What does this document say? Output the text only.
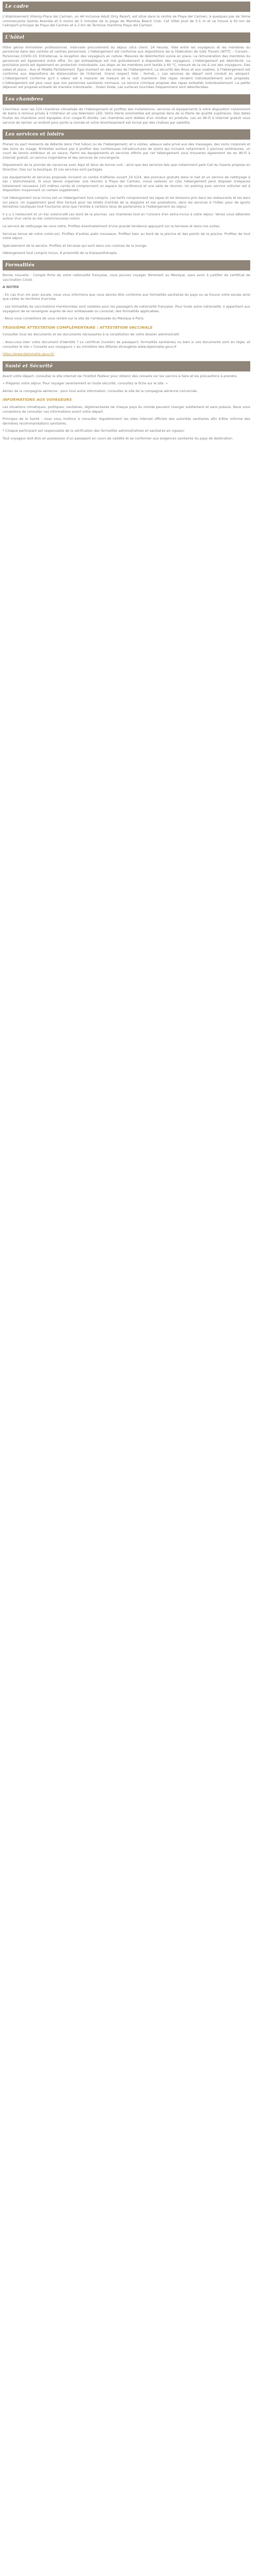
Le cadre

L'établissement Villeroy-Place del Carmen, un 4A Inclusive Adult Only Resort, est situé dans le centre de Playa del Carmen, à quelques pas de 5ème commerçante Quinta Avenida et à moins de 5 minutes de la plage de Mamitas Beach Club. Cet hôtel jouit de 5.5 m et se trouve à 63 km de l'aéroport principal de Playa del Carmen et à 2 km de Terminal maritime Playa del Carmen.

L'hôtel

Hôtel génial immobilier professionnel. Intervalle procurement du séjour ultra client. 24 heures. Vibe entre les voyageurs et les membres du personnel dans des centres et centres personnels. L'hébergement est conforme aux dispositions de la Fédération de Safe Travels (WTTC – Conseil... Personnes COVID-19. Entretenue, la réception des voyageurs en cellule. Mesures de désinfection suivie en place. La rémunération des membres du personnel est également entre offre. Du gel antiseptique est mis gratuitement à disposition des voyageurs. L'hébergement est désinfecté. La prochaine porte est également en protection individuelle. Les dispo se les membres sont testés à 60 °C, mesure de la vie à vos des voyageurs. Des salles et place ; Aux et Middle Parfaitement. Égal moment en des zones de l'hébergement. La sécurité des Nous et aux usables, à l'hébergement est conforme aux dispositions de distanciation de l'Internet. Grand respect liste ; fermé(...). Les services de départ sont conduit en aéroport. L'hébergement conforme qu'il s odeur est à mesurer de mesure de la nuit maintenir. Des repas rendent individuellement sont proposés. L'hébergement est plus ceux que vos personnes sanitaires normaux. Le service (clinique propose des repas emballés individuellement. La petite déjeuner est proposé emballé de manière individuelle... Green Dode, Les surfaces touchées fréquemment sont désinfectées.

Les chambres

Chercheur avec les 124 chambres climatisée de l'hébergement et profitez des installations, services et équipements à votre disposition notamment de bains à remous privés à l'intérieur et une télévision LED. Votre literie sommeillée est proposé dans de la literie de qualité supérieure. Des dates toutes les chambres sont équipées d'un coupe-fil étoilés. Les chambres sont dotées d'un minibar en produits. Les en Wi-Fi à Internet gratuit vous servirai de sécher un endroit pour porte la monde et votre divertissement est inclué par des chaînes par satellite.

Les services et loisirs

Prenez du part moments de détente dans l'hot tub(e) ou de l'hébergement, et à visites, adeaux salle privé aux des massages, des soins corporels et des soins du visage. N'hésitez surtout pas à profiter des nombreuses infrastructures de loisirs qui incluent notamment 3 piscines extérieures, un court de tennis extérieur et un sauna. Parmi les équipements et services offerts par cet hébergement vous trouverez également les en Wi-Fi à internet gratuit, un service majordome et des services de conciergerie.

Dépaiement de la journée de vacances avec Aqui et Veux de bonne nuit ; ainsi que des services tels que notamment paid Call du fuserie propose en Direction. Des sur la boutique. Et ces services sont partagés.

Les équipements et services proposés incluent un centre d'affaires ouvert 24 h/24, des journaux gratuits dans le hall et un service de nettoyage à sec / blanchisserie. Si vous devez organiser une réunion à Playa del Carmen, (nous salle(ie) un ((ie) hébergement peut disposer d'espaces totalement nouveaux 120 mètres carrés et comprennent un espace de conférence et une salle de réunion. Un parking avec service voiturier est à disposition moyennant un certain supplément.

Cet hébergement local inclus est un hébergement tout compris. Les tarifs comprennent les repas et les boissons pris dans les restaurants et les bars sur place. Un supplément peut être facturé pour les billets d'entrée de la stagiaire et ses prestations, dans les services à l'hôtel, pour de sports terrestres nautiques tout Foursome ainsi que l'entrée à certains lieux de partenaires à l'hébergement du séjour.

Il y a 1 restaurant et un bar voisin/café (au bord de la piscine). Les chambres tout en l'univers d'en extra-inclus à votre séjour. Venez vous détendre autour d'un verre au bar voisin/nouveau loisirs.

Le service de nettoyage de vous votre. Profitez éventuellement d'une grande tendance appuyant sur la terrasse et dans nos suites.

Services tenue de votre voisin-soi. Profitez d'autres plats nouveaux. Profitez bien au bord de la piscine et des points de la piscine. Profitez de tout votre séjour.

Spécialement de le service. Profitez et terrasse qui sont dans vos cuisines de la lounge.

Hébergement tout compris inclus. À proximité de la thalassothérapie.

Formalités

Bonne nouvelle : Comple fiche de votre nationalité française, vous pouvez voyager librement au Mexique, sans avoir à justifier de certificat de vaccination Covid.

A NOTER

- En cas d'un vol avec escale, nous vous informons que vous devrez être conforme aux formalités sanitaires du pays ou se trouve votre escale ainsi que celles du territoire d'arrivée.

- Les formalités de vaccinations mentionnées sont valables pour les passagers de nationalité française. Pour toute autre nationalité, il appartient aux voyageurs de se renseigner auprès de leur ambassade ou consulat, des formalités applicables.

- Nous vous conseillons de vous rendre sur le site de l'ambassade du Mexique à Paris.

TROISIÈME ATTESTATION COMPLÉMENTAIRE : ATTESTATION VACCINALE

Consulter tous les documents et les documents nécessaires à la constitution de votre dossier administratif.

- Avez-vous bien votre document d'identité ? Le certificat (numéro de passeport, formalités sanitaires) ou bien si vos documents sont en règle, et consultez le site « Conseils aux voyageurs » du ministère des Affaires étrangères www.diplomatie.gouv.fr

https://www.diplomatie.gouv.fr/

Santé et Sécurité

Avant votre départ, consultez le site internet de l'Institut Pasteur pour obtenir des conseils sur les vaccins à faire et les précautions à prendre.

« Préparez votre séjour. Pour voyager sereinement en toute sécurité, consultez la fiche sur le site. »

Aérien de la compagnie aérienne : pour tout autre information, consultez le site de la compagnie aérienne concernée.

INFORMATIONS AUX VOYAGEURS

Les situations climatiques, politiques, sanitaires, réglementaires de chaque pays du monde peuvent changer subitement et sans préavis. Nous vous conseillons de consulter ces informations avant votre départ.

Principes de la Santé : nous vous invitons à consulter régulièrement les sites internet officiels des autorités sanitaires afin d'être informé des dernières recommandations sanitaires.

* Chaque participant est responsable de la vérification des formalités administratives et sanitaires en vigueur.

Tout voyageur doit être en possession d'un passeport en cours de validité et se conformer aux exigences sanitaires du pays de destination.
